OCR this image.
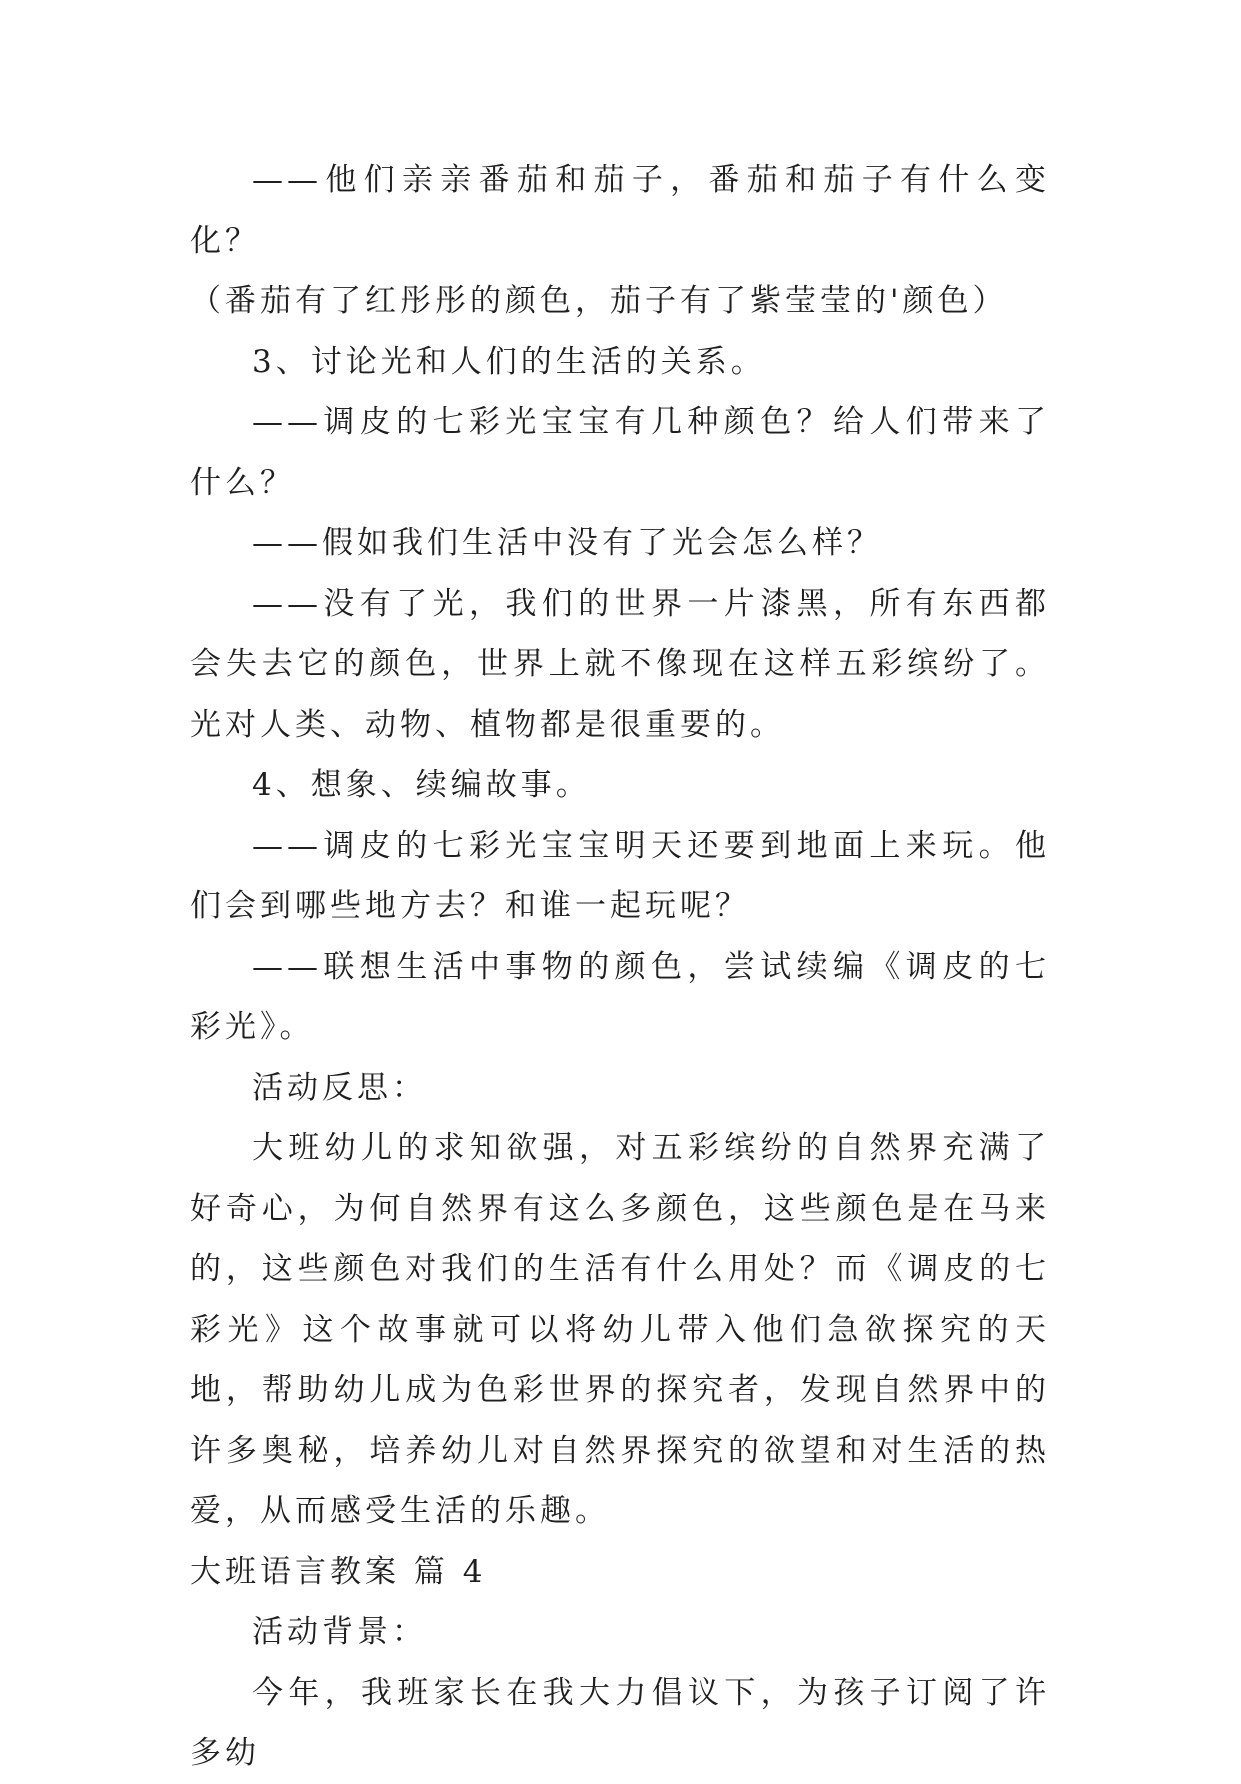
——他们亲亲番茄和茄子，番茄和茄子有什么变化？

（番茄有了红彤彤的颜色，茄子有了紫莹莹的'颜色）

3、讨论光和人们的生活的关系。

——调皮的七彩光宝宝有几种颜色？给人们带来了什么？

——假如我们生活中没有了光会怎么样？

——没有了光，我们的世界一片漆黑，所有东西都会失去它的颜色，世界上就不像现在这样五彩缤纷了。光对人类、动物、植物都是很重要的。

4、想象、续编故事。

——调皮的七彩光宝宝明天还要到地面上来玩。他们会到哪些地方去？和谁一起玩呢？

——联想生活中事物的颜色，尝试续编《调皮的七彩光》。

活动反思：

大班幼儿的求知欲强，对五彩缤纷的自然界充满了好奇心，为何自然界有这么多颜色，这些颜色是在马来的，这些颜色对我们的生活有什么用处？而《调皮的七彩光》这个故事就可以将幼儿带入他们急欲探究的天地，帮助幼儿成为色彩世界的探究者，发现自然界中的许多奥秘，培养幼儿对自然界探究的欲望和对生活的热爱，从而感受生活的乐趣。

大班语言教案 篇 4

活动背景：

今年，我班家长在我大力倡议下，为孩子订阅了许多幼
